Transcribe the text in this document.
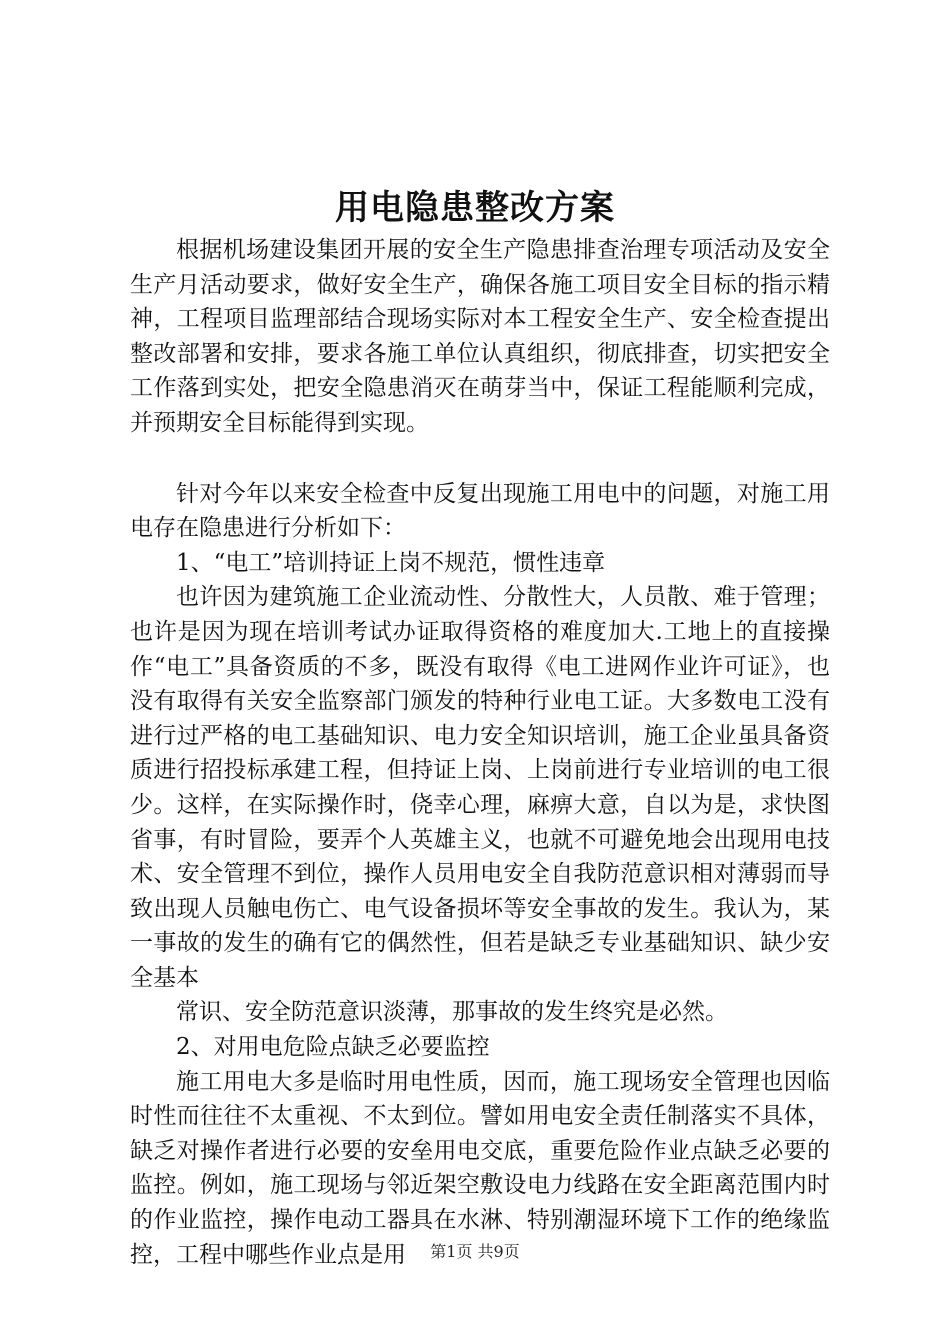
用电隐患整改方案

根据机场建设集团开展的安全生产隐患排查治理专项活动及安全生产月活动要求，做好安全生产，确保各施工项目安全目标的指示精神，工程项目监理部结合现场实际对本工程安全生产、安全检查提出整改部署和安排，要求各施工单位认真组织，彻底排查，切实把安全工作落到实处，把安全隐患消灭在萌芽当中，保证工程能顺利完成，并预期安全目标能得到实现。

针对今年以来安全检查中反复出现施工用电中的问题，对施工用电存在隐患进行分析如下：

1、“电工”培训持证上岗不规范，惯性违章

也许因为建筑施工企业流动性、分散性大，人员散、难于管理；也许是因为现在培训考试办证取得资格的难度加大.工地上的直接操作“电工”具备资质的不多，既没有取得《电工进网作业许可证》，也没有取得有关安全监察部门颁发的特种行业电工证。大多数电工没有进行过严格的电工基础知识、电力安全知识培训，施工企业虽具备资质进行招投标承建工程，但持证上岗、上岗前进行专业培训的电工很少。这样，在实际操作时，侥幸心理，麻痹大意，自以为是，求快图省事，有时冒险，要弄个人英雄主义，也就不可避免地会出现用电技术、安全管理不到位，操作人员用电安全自我防范意识相对薄弱而导致出现人员触电伤亡、电气设备损坏等安全事故的发生。我认为，某一事故的发生的确有它的偶然性，但若是缺乏专业基础知识、缺少安全基本

常识、安全防范意识淡薄，那事故的发生终究是必然。

2、对用电危险点缺乏必要监控

施工用电大多是临时用电性质，因而，施工现场安全管理也因临时性而往往不太重视、不太到位。譬如用电安全责任制落实不具体，缺乏对操作者进行必要的安垒用电交底，重要危险作业点缺乏必要的监控。例如，施工现场与邻近架空敷设电力线路在安全距离范围内时的作业监控，操作电动工器具在水淋、特别潮湿环境下工作的绝缘监控，工程中哪些作业点是用	第1页 共9页
